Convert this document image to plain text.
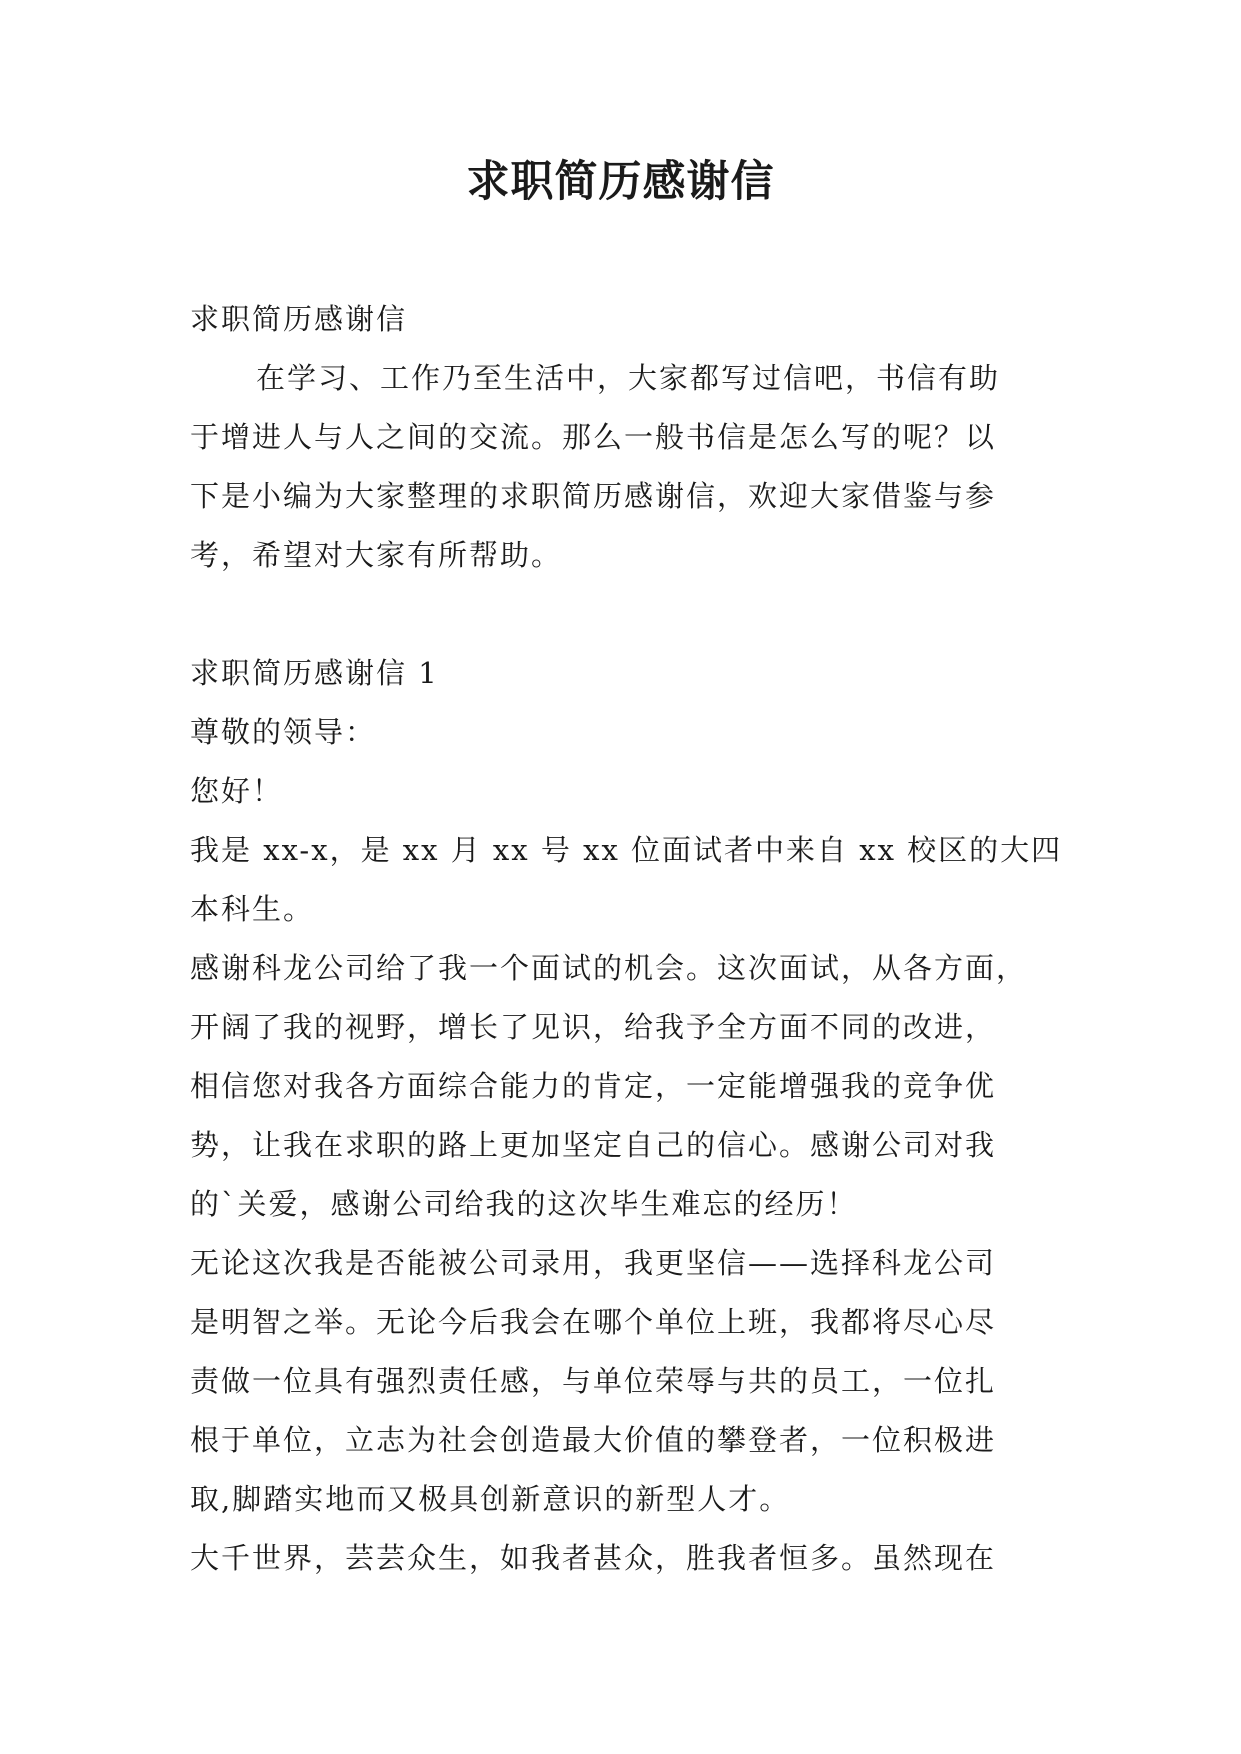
求职简历感谢信

求职简历感谢信

在学习、工作乃至生活中，大家都写过信吧，书信有助

于增进人与人之间的交流。那么一般书信是怎么写的呢？以

下是小编为大家整理的求职简历感谢信，欢迎大家借鉴与参

考，希望对大家有所帮助。

求职简历感谢信 1

尊敬的领导：

您好！

我是 xx-x，是 xx 月 xx 号 xx 位面试者中来自 xx 校区的大四

本科生。

感谢科龙公司给了我一个面试的机会。这次面试，从各方面，

开阔了我的视野，增长了见识，给我予全方面不同的改进，

相信您对我各方面综合能力的肯定，一定能增强我的竞争优

势，让我在求职的路上更加坚定自己的信心。感谢公司对我

的`关爱，感谢公司给我的这次毕生难忘的经历！

无论这次我是否能被公司录用，我更坚信——选择科龙公司

是明智之举。无论今后我会在哪个单位上班，我都将尽心尽

责做一位具有强烈责任感，与单位荣辱与共的员工，一位扎

根于单位，立志为社会创造最大价值的攀登者，一位积极进

取,脚踏实地而又极具创新意识的新型人才。

大千世界，芸芸众生，如我者甚众，胜我者恒多。虽然现在
